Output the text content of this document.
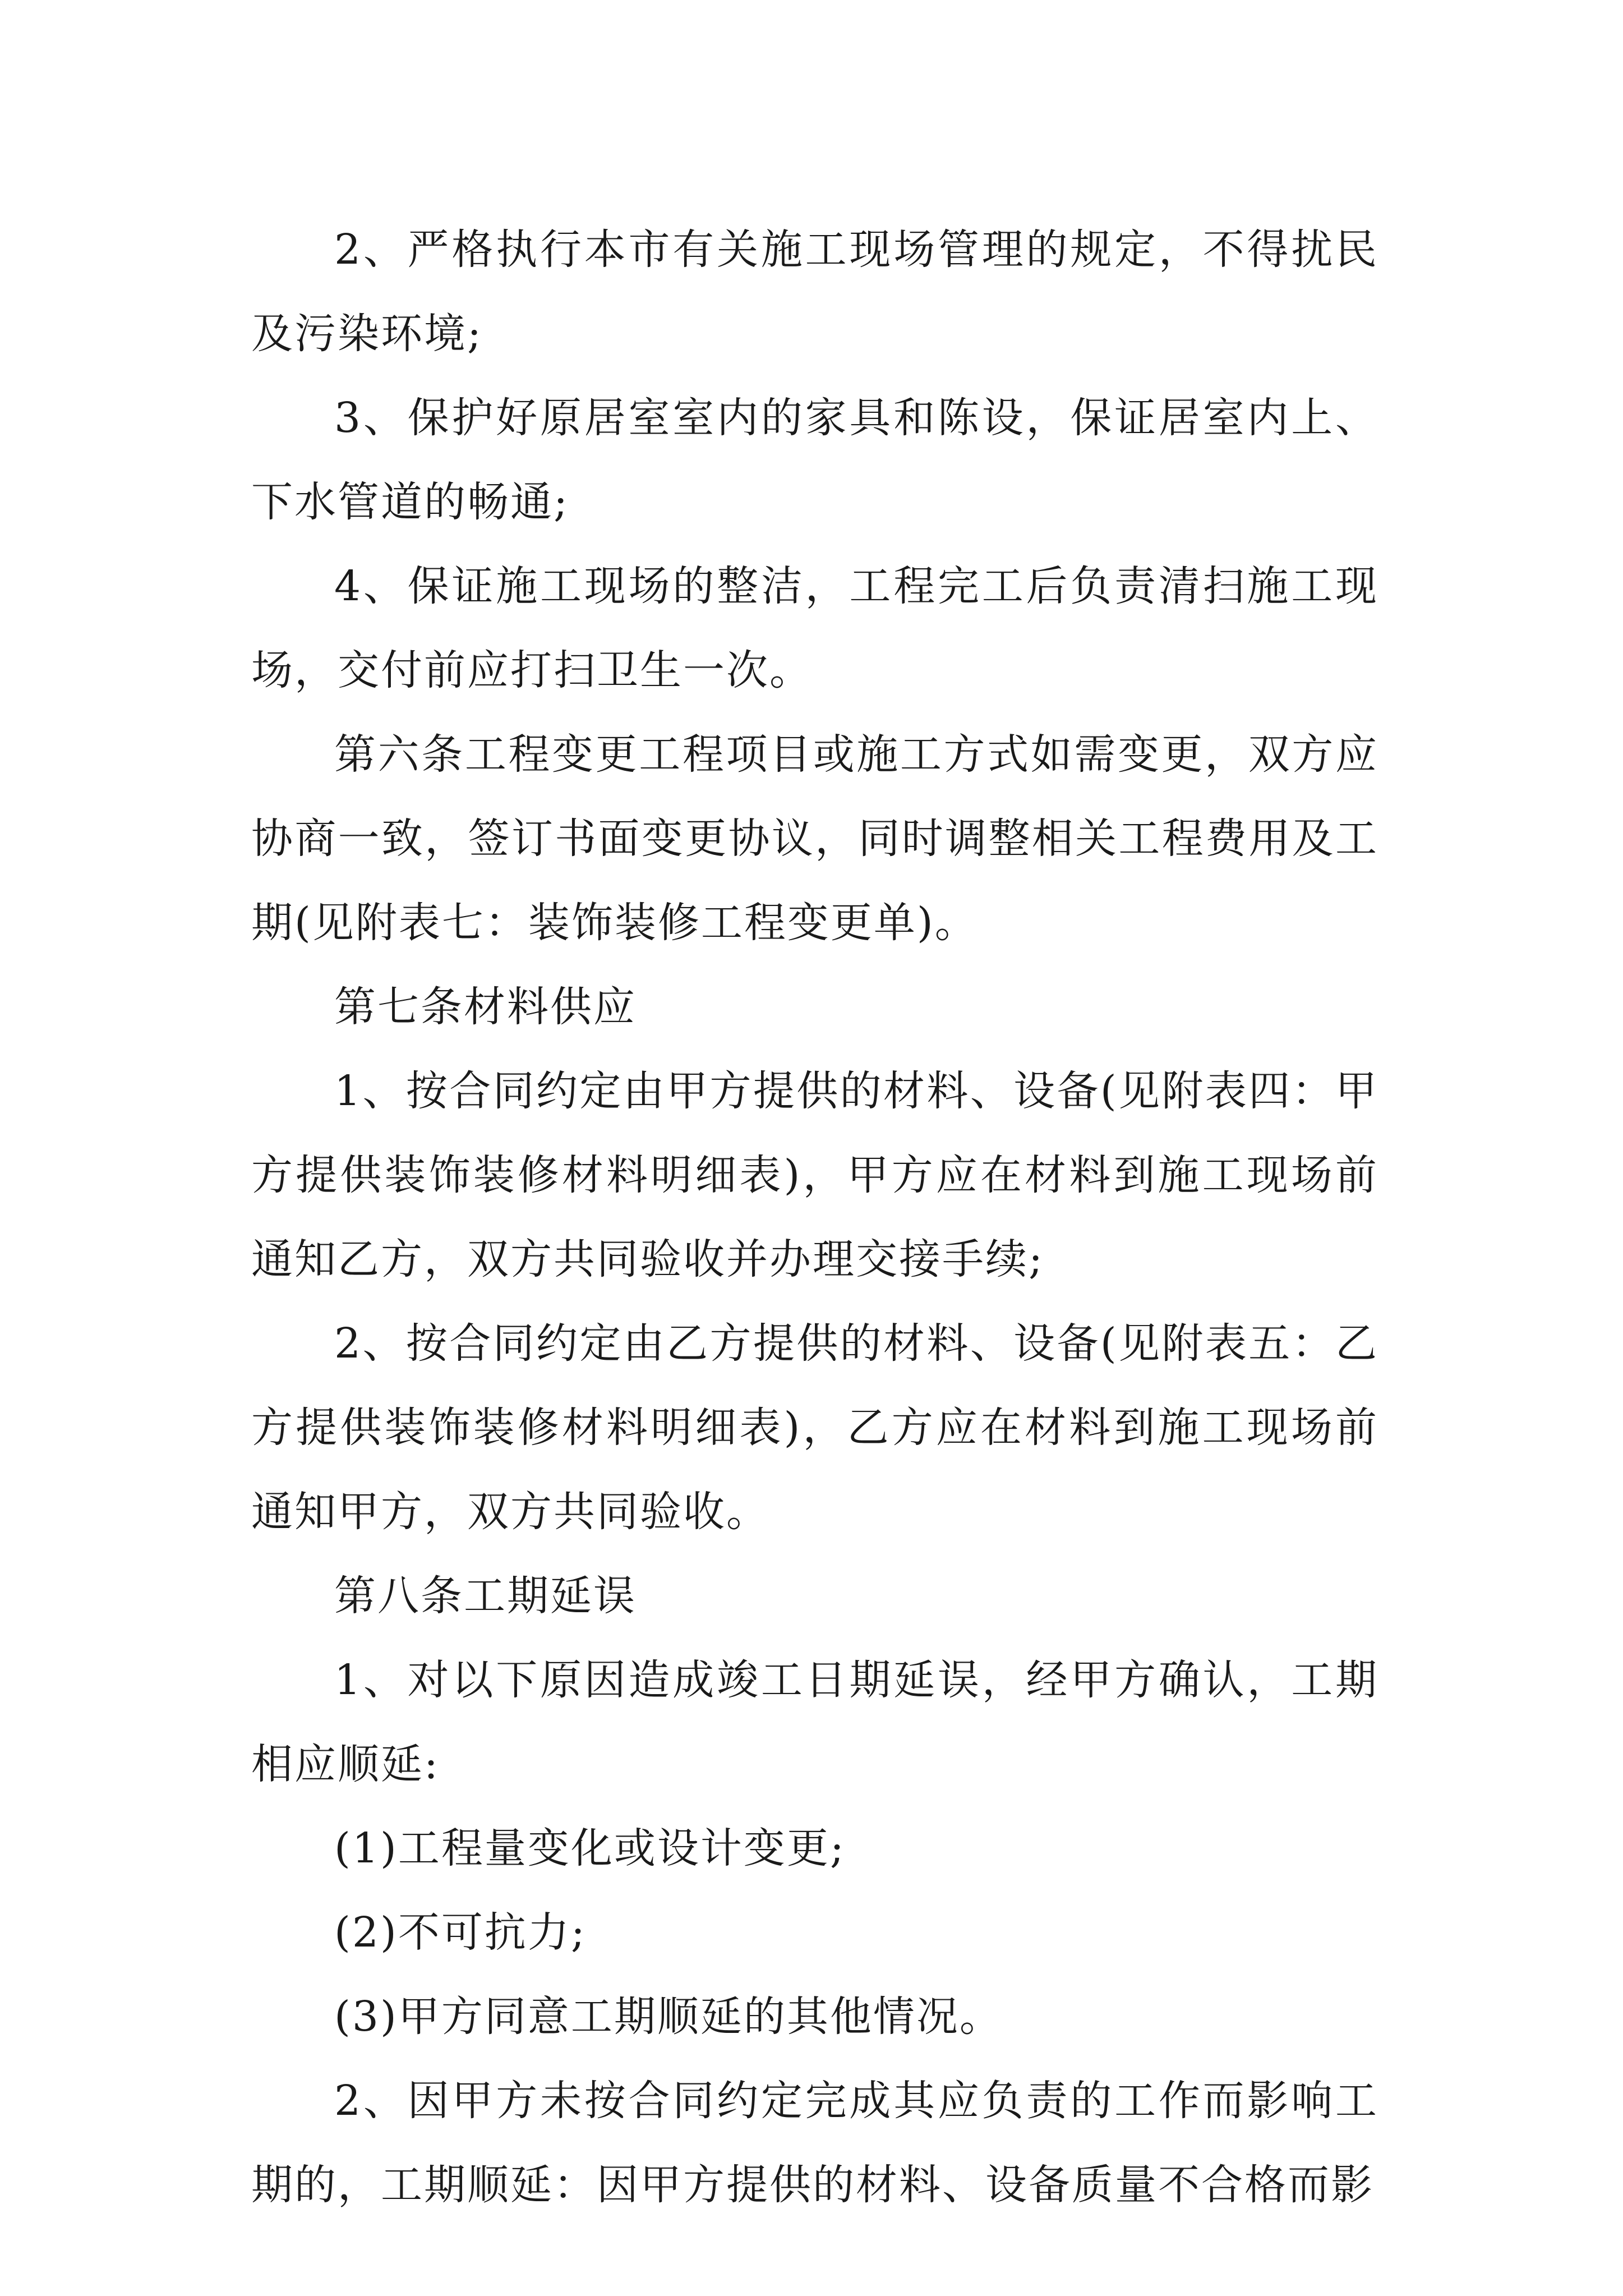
2、严格执行本市有关施工现场管理的规定，不得扰民及污染环境;

3、保护好原居室室内的家具和陈设，保证居室内上、下水管道的畅通;

4、保证施工现场的整洁，工程完工后负责清扫施工现场，交付前应打扫卫生一次。

第六条工程变更工程项目或施工方式如需变更，双方应协商一致，签订书面变更协议，同时调整相关工程费用及工期(见附表七：装饰装修工程变更单)。

第七条材料供应

1、按合同约定由甲方提供的材料、设备(见附表四：甲方提供装饰装修材料明细表)，甲方应在材料到施工现场前通知乙方，双方共同验收并办理交接手续;

2、按合同约定由乙方提供的材料、设备(见附表五：乙方提供装饰装修材料明细表)，乙方应在材料到施工现场前通知甲方，双方共同验收。

第八条工期延误

1、对以下原因造成竣工日期延误，经甲方确认，工期相应顺延:

(1)工程量变化或设计变更;

(2)不可抗力;

(3)甲方同意工期顺延的其他情况。

2、因甲方未按合同约定完成其应负责的工作而影响工期的，工期顺延：因甲方提供的材料、设备质量不合格而影
